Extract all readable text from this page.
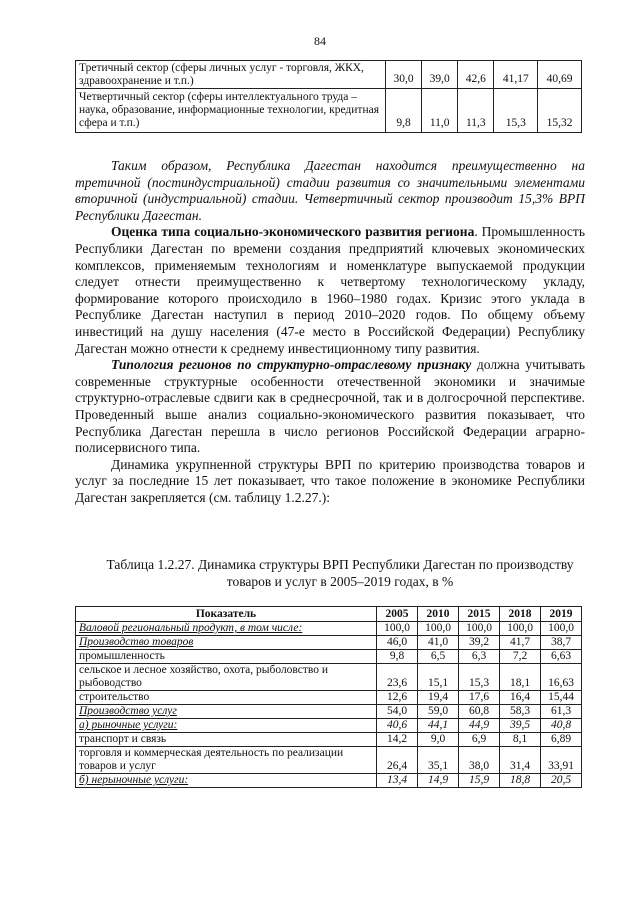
84
Третичный сектор (сферы личных услуг - торговля, ЖКХ, здравоохранение и т.п.)	30,0	39,0	42,6	41,17	40,69
Четвертичный сектор (сферы интеллектуального труда – наука, образование, информационные технологии, кредитная сфера и т.п.)	9,8	11,0	11,3	15,3	15,32

Таким образом, Республика Дагестан находится преимущественно на третичной (постиндустриальной) стадии развития со значительными элементами вторичной (индустриальной) стадии. Четвертичный сектор производит 15,3% ВРП Республики Дагестан.

Оценка типа социально-экономического развития региона. Промышленность Республики Дагестан по времени создания предприятий ключевых экономических комплексов, применяемым технологиям и номенклатуре выпускаемой продукции следует отнести преимущественно к четвертому технологическому укладу, формирование которого происходило в 1960–1980 годах. Кризис этого уклада в Республике Дагестан наступил в период 2010–2020 годов. По общему объему инвестиций на душу населения (47-е место в Российской Федерации) Республику Дагестан можно отнести к среднему инвестиционному типу развития.

Типология регионов по структурно-отраслевому признаку должна учитывать современные структурные особенности отечественной экономики и значимые структурно-отраслевые сдвиги как в среднесрочной, так и в долгосрочной перспективе. Проведенный выше анализ социально-экономического развития показывает, что Республика Дагестан перешла в число регионов Российской Федерации аграрно-полисервисного типа.

Динамика укрупненной структуры ВРП по критерию производства товаров и услуг за последние 15 лет показывает, что такое положение в экономике Республики Дагестан закрепляется (см. таблицу 1.2.27.):

Таблица 1.2.27. Динамика структуры ВРП Республики Дагестан по производству товаров и услуг в 2005–2019 годах, в %
Показатель	2005	2010	2015	2018	2019
Валовой региональный продукт, в том числе:	100,0	100,0	100,0	100,0	100,0
Производство товаров	46,0	41,0	39,2	41,7	38,7
промышленность	9,8	6,5	6,3	7,2	6,63
сельское и лесное хозяйство, охота, рыболовство и рыбоводство	23,6	15,1	15,3	18,1	16,63
строительство	12,6	19,4	17,6	16,4	15,44
Производство услуг	54,0	59,0	60,8	58,3	61,3
а) рыночные услуги:	40,6	44,1	44,9	39,5	40,8
транспорт и связь	14,2	9,0	6,9	8,1	6,89
торговля и коммерческая деятельность по реализации товаров и услуг	26,4	35,1	38,0	31,4	33,91
б) нерыночные услуги:	13,4	14,9	15,9	18,8	20,5
